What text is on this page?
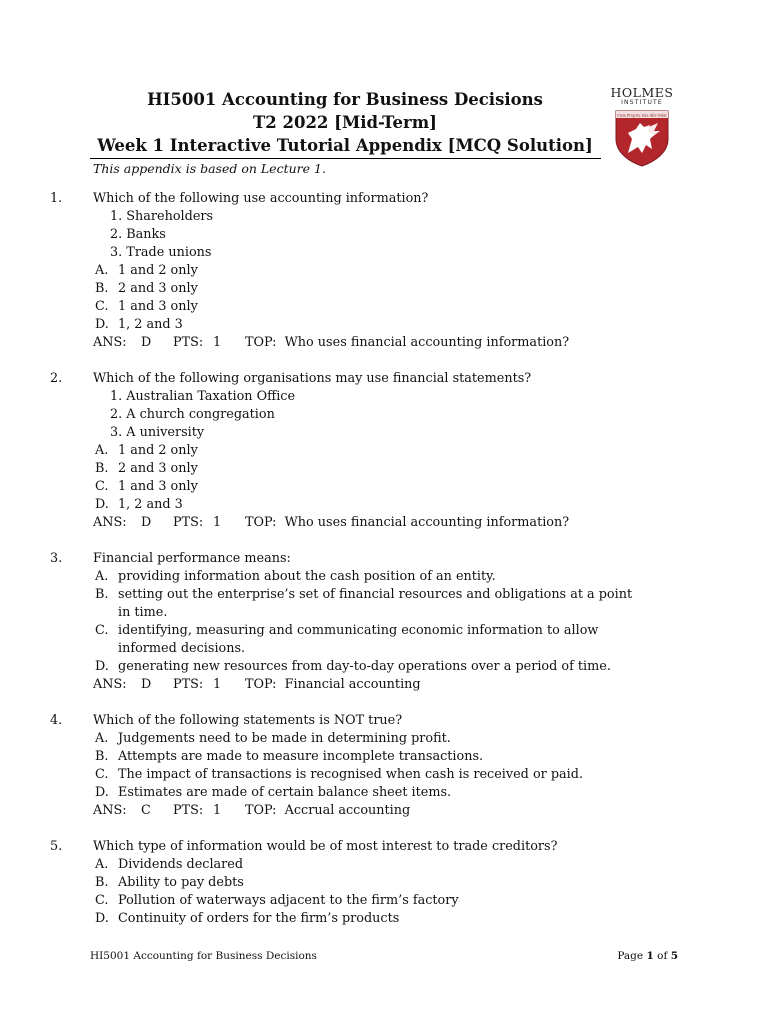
HI5001 Accounting for Business Decisions
T2 2022 [Mid-Term]
Week 1 Interactive Tutorial Appendix [MCQ Solution]
This appendix is based on Lecture 1.
HOLMES
INSTITUTE
Cum Propria Sua Alis Volat
1. Which of the following use accounting information?
1. Shareholders
2. Banks
3. Trade unions
A. 1 and 2 only
B. 2 and 3 only
C. 1 and 3 only
D. 1, 2 and 3
ANS: D PTS: 1 TOP: Who uses financial accounting information?
2. Which of the following organisations may use financial statements?
1. Australian Taxation Office
2. A church congregation
3. A university
A. 1 and 2 only
B. 2 and 3 only
C. 1 and 3 only
D. 1, 2 and 3
ANS: D PTS: 1 TOP: Who uses financial accounting information?
3. Financial performance means:
A. providing information about the cash position of an entity.
B. setting out the enterprise’s set of financial resources and obligations at a point in time.
C. identifying, measuring and communicating economic information to allow informed decisions.
D. generating new resources from day-to-day operations over a period of time.
ANS: D PTS: 1 TOP: Financial accounting
4. Which of the following statements is NOT true?
A. Judgements need to be made in determining profit.
B. Attempts are made to measure incomplete transactions.
C. The impact of transactions is recognised when cash is received or paid.
D. Estimates are made of certain balance sheet items.
ANS: C PTS: 1 TOP: Accrual accounting
5. Which type of information would be of most interest to trade creditors?
A. Dividends declared
B. Ability to pay debts
C. Pollution of waterways adjacent to the firm’s factory
D. Continuity of orders for the firm’s products
HI5001 Accounting for Business Decisions	Page 1 of 5
